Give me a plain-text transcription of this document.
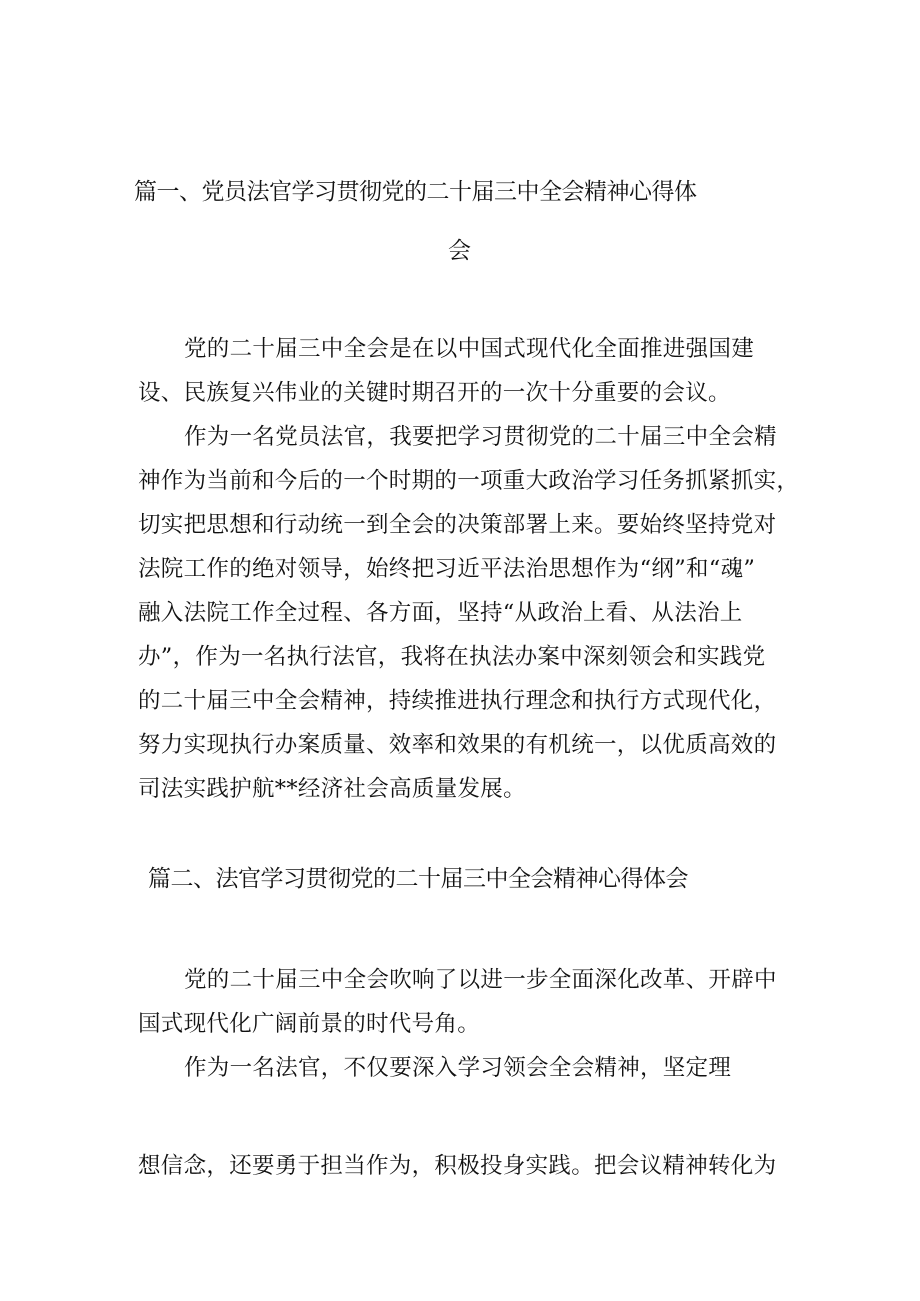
篇一、党员法官学习贯彻党的二十届三中全会精神心得体
会
党的二十届三中全会是在以中国式现代化全面推进强国建
设、民族复兴伟业的关键时期召开的一次十分重要的会议。
作为一名党员法官，我要把学习贯彻党的二十届三中全会精
神作为当前和今后的一个时期的一项重大政治学习任务抓紧抓实，
切实把思想和行动统一到全会的决策部署上来。要始终坚持党对
法院工作的绝对领导，始终把习近平法治思想作为“纲”和“魂”
融入法院工作全过程、各方面，坚持“从政治上看、从法治上
办”，作为一名执行法官，我将在执法办案中深刻领会和实践党
的二十届三中全会精神，持续推进执行理念和执行方式现代化，
努力实现执行办案质量、效率和效果的有机统一，以优质高效的
司法实践护航**经济社会高质量发展。
篇二、法官学习贯彻党的二十届三中全会精神心得体会
党的二十届三中全会吹响了以进一步全面深化改革、开辟中
国式现代化广阔前景的时代号角。
作为一名法官，不仅要深入学习领会全会精神，坚定理
想信念，还要勇于担当作为，积极投身实践。把会议精神转化为
